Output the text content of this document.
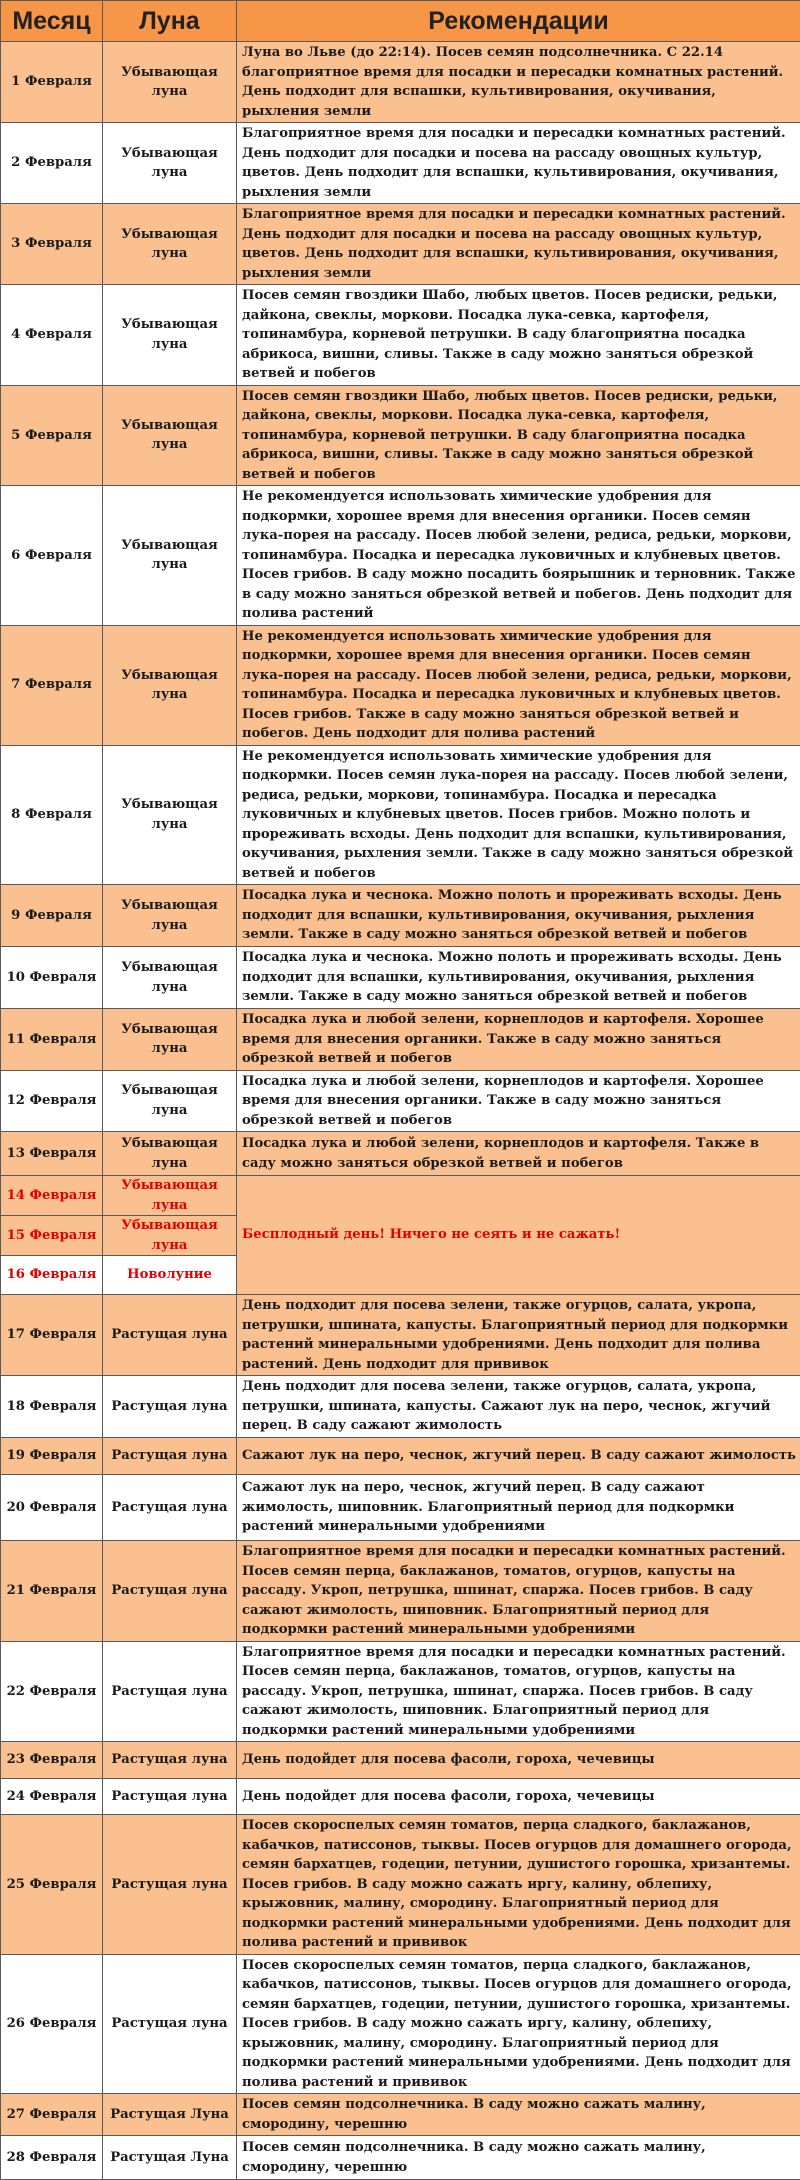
Месяц	Луна	Рекомендации
1 Февраля	Убывающая луна	Луна во Льве (до 22:14). Посев семян подсолнечника. С 22.14 благоприятное время для посадки и пересадки комнатных растений. День подходит для вспашки, культивирования, окучивания, рыхления земли
2 Февраля	Убывающая луна	Благоприятное время для посадки и пересадки комнатных растений. День подходит для посадки и посева на рассаду овощных культур, цветов. День подходит для вспашки, культивирования, окучивания, рыхления земли
3 Февраля	Убывающая луна	Благоприятное время для посадки и пересадки комнатных растений. День подходит для посадки и посева на рассаду овощных культур, цветов. День подходит для вспашки, культивирования, окучивания, рыхления земли
4 Февраля	Убывающая луна	Посев семян гвоздики Шабо, любых цветов. Посев редиски, редьки, дайкона, свеклы, моркови. Посадка лука-севка, картофеля, топинамбура, корневой петрушки. В саду благоприятна посадка абрикоса, вишни, сливы. Также в саду можно заняться обрезкой ветвей и побегов
5 Февраля	Убывающая луна	Посев семян гвоздики Шабо, любых цветов. Посев редиски, редьки, дайкона, свеклы, моркови. Посадка лука-севка, картофеля, топинамбура, корневой петрушки. В саду благоприятна посадка абрикоса, вишни, сливы. Также в саду можно заняться обрезкой ветвей и побегов
6 Февраля	Убывающая луна	Не рекомендуется использовать химические удобрения для подкормки, хорошее время для внесения органики. Посев семян лука-порея на рассаду. Посев любой зелени, редиса, редьки, моркови, топинамбура. Посадка и пересадка луковичных и клубневых цветов. Посев грибов. В саду можно посадить боярышник и терновник. Также в саду можно заняться обрезкой ветвей и побегов. День подходит для полива растений
7 Февраля	Убывающая луна	Не рекомендуется использовать химические удобрения для подкормки, хорошее время для внесения органики. Посев семян лука-порея на рассаду. Посев любой зелени, редиса, редьки, моркови, топинамбура. Посадка и пересадка луковичных и клубневых цветов. Посев грибов. Также в саду можно заняться обрезкой ветвей и побегов. День подходит для полива растений
8 Февраля	Убывающая луна	Не рекомендуется использовать химические удобрения для подкормки. Посев семян лука-порея на рассаду. Посев любой зелени, редиса, редьки, моркови, топинамбура. Посадка и пересадка луковичных и клубневых цветов. Посев грибов. Можно полоть и прореживать всходы. День подходит для вспашки, культивирования, окучивания, рыхления земли. Также в саду можно заняться обрезкой ветвей и побегов
9 Февраля	Убывающая луна	Посадка лука и чеснока. Можно полоть и прореживать всходы. День подходит для вспашки, культивирования, окучивания, рыхления земли. Также в саду можно заняться обрезкой ветвей и побегов
10 Февраля	Убывающая луна	Посадка лука и чеснока. Можно полоть и прореживать всходы. День подходит для вспашки, культивирования, окучивания, рыхления земли. Также в саду можно заняться обрезкой ветвей и побегов
11 Февраля	Убывающая луна	Посадка лука и любой зелени, корнеплодов и картофеля. Хорошее время для внесения органики. Также в саду можно заняться обрезкой ветвей и побегов
12 Февраля	Убывающая луна	Посадка лука и любой зелени, корнеплодов и картофеля. Хорошее время для внесения органики. Также в саду можно заняться обрезкой ветвей и побегов
13 Февраля	Убывающая луна	Посадка лука и любой зелени, корнеплодов и картофеля. Также в саду можно заняться обрезкой ветвей и побегов
14 Февраля	Убывающая луна	Бесплодный день! Ничего не сеять и не сажать!
15 Февраля	Убывающая луна	
16 Февраля	Новолуние	
17 Февраля	Растущая луна	День подходит для посева зелени, также огурцов, салата, укропа, петрушки, шпината, капусты. Благоприятный период для подкормки растений минеральными удобрениями. День подходит для полива растений. День подходит для прививок
18 Февраля	Растущая луна	День подходит для посева зелени, также огурцов, салата, укропа, петрушки, шпината, капусты. Сажают лук на перо, чеснок, жгучий перец. В саду сажают жимолость
19 Февраля	Растущая луна	Сажают лук на перо, чеснок, жгучий перец. В саду сажают жимолость
20 Февраля	Растущая луна	Сажают лук на перо, чеснок, жгучий перец. В саду сажают жимолость, шиповник. Благоприятный период для подкормки растений минеральными удобрениями
21 Февраля	Растущая луна	Благоприятное время для посадки и пересадки комнатных растений. Посев семян перца, баклажанов, томатов, огурцов, капусты на рассаду. Укроп, петрушка, шпинат, спаржа. Посев грибов. В саду сажают жимолость, шиповник. Благоприятный период для подкормки растений минеральными удобрениями
22 Февраля	Растущая луна	Благоприятное время для посадки и пересадки комнатных растений. Посев семян перца, баклажанов, томатов, огурцов, капусты на рассаду. Укроп, петрушка, шпинат, спаржа. Посев грибов. В саду сажают жимолость, шиповник. Благоприятный период для подкормки растений минеральными удобрениями
23 Февраля	Растущая луна	День подойдет для посева фасоли, гороха, чечевицы
24 Февраля	Растущая луна	День подойдет для посева фасоли, гороха, чечевицы
25 Февраля	Растущая луна	Посев скороспелых семян томатов, перца сладкого, баклажанов, кабачков, патиссонов, тыквы. Посев огурцов для домашнего огорода, семян бархатцев, годеции, петунии, душистого горошка, хризантемы. Посев грибов. В саду можно сажать иргу, калину, облепиху, крыжовник, малину, смородину. Благоприятный период для подкормки растений минеральными удобрениями. День подходит для полива растений и прививок
26 Февраля	Растущая луна	Посев скороспелых семян томатов, перца сладкого, баклажанов, кабачков, патиссонов, тыквы. Посев огурцов для домашнего огорода, семян бархатцев, годеции, петунии, душистого горошка, хризантемы. Посев грибов. В саду можно сажать иргу, калину, облепиху, крыжовник, малину, смородину. Благоприятный период для подкормки растений минеральными удобрениями. День подходит для полива растений и прививок
27 Февраля	Растущая Луна	Посев семян подсолнечника. В саду можно сажать малину, смородину, черешню
28 Февраля	Растущая Луна	Посев семян подсолнечника. В саду можно сажать малину, смородину, черешню
